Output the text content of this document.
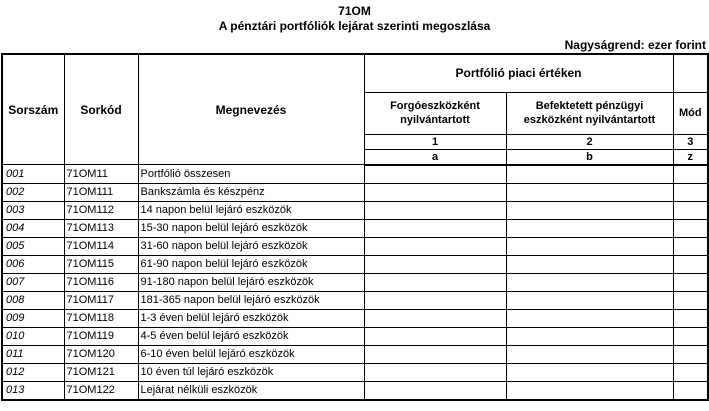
71OM
A pénztári portfóliók lejárat szerinti megoszlása
Nagyságrend: ezer forint
Sorszám	Sorkód	Megnevezés	Portfólió piaci értéken		
			Forgóeszközként nyilvántartott	Befektetett pénzügyi eszközként nyilvántartott	Mód
			1	2	3
			a	b	z
001	71OM11	Portfólió összesen			
002	71OM111	Bankszámla és készpénz			
003	71OM112	14 napon belül lejáró eszközök			
004	71OM113	15-30 napon belül lejáró eszközök			
005	71OM114	31-60 napon belül lejáró eszközök			
006	71OM115	61-90 napon belül lejáró eszközök			
007	71OM116	91-180 napon belül lejáró eszközök			
008	71OM117	181-365 napon belül lejáró eszközök			
009	71OM118	1-3 éven belül lejáró eszközök			
010	71OM119	4-5 éven belül lejáró eszközök			
011	71OM120	6-10 éven belül lejáró eszközök			
012	71OM121	10 éven túl lejáró eszközök			
013	71OM122	Lejárat nélküli eszközök			
